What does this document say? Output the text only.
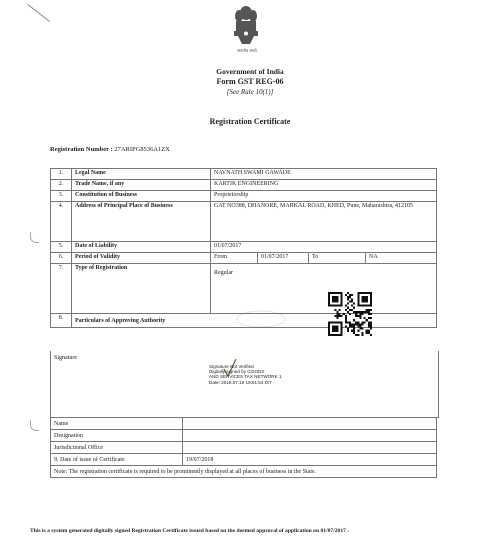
सत्यमेव जयते
Government of India
Form GST REG-06
[See Rule 10(1)]
Registration Certificate
Registration Number : 27ARIPG8536A1ZX
1.	Legal Name	NAVNATH SWAMI GAWADE			
2.	Trade Name, if any	KARTIK ENGINEERING			
3.	Constitution of Business	Proprietorship			
4.	Address of Principal Place of Business	GAT NO388, DHANORE, MARKAL ROAD, KHED, Pune, Maharashtra, 412105			
5.	Date of Liability	01/07/2017			
6.	Period of Validity	From	01/07/2017	To	NA
7.	Type of Registration	Regular			
8.	Particulars of Approving Authority				
Signature
Signature Not Verified
Digitally signed by GOODS
AND SERVICES TAX NETWORK 1
Date: 2018.07.19 18:01:54 IST
Name	
Designation	
Jurisdictional Office	
9. Date of issue of Certificate	19/07/2018
Note: The registration certificate is required to be prominently displayed at all places of business in the State.	
This is a system generated digitally signed Registration Certificate issued based on the deemed approval of application on 01/07/2017 .
